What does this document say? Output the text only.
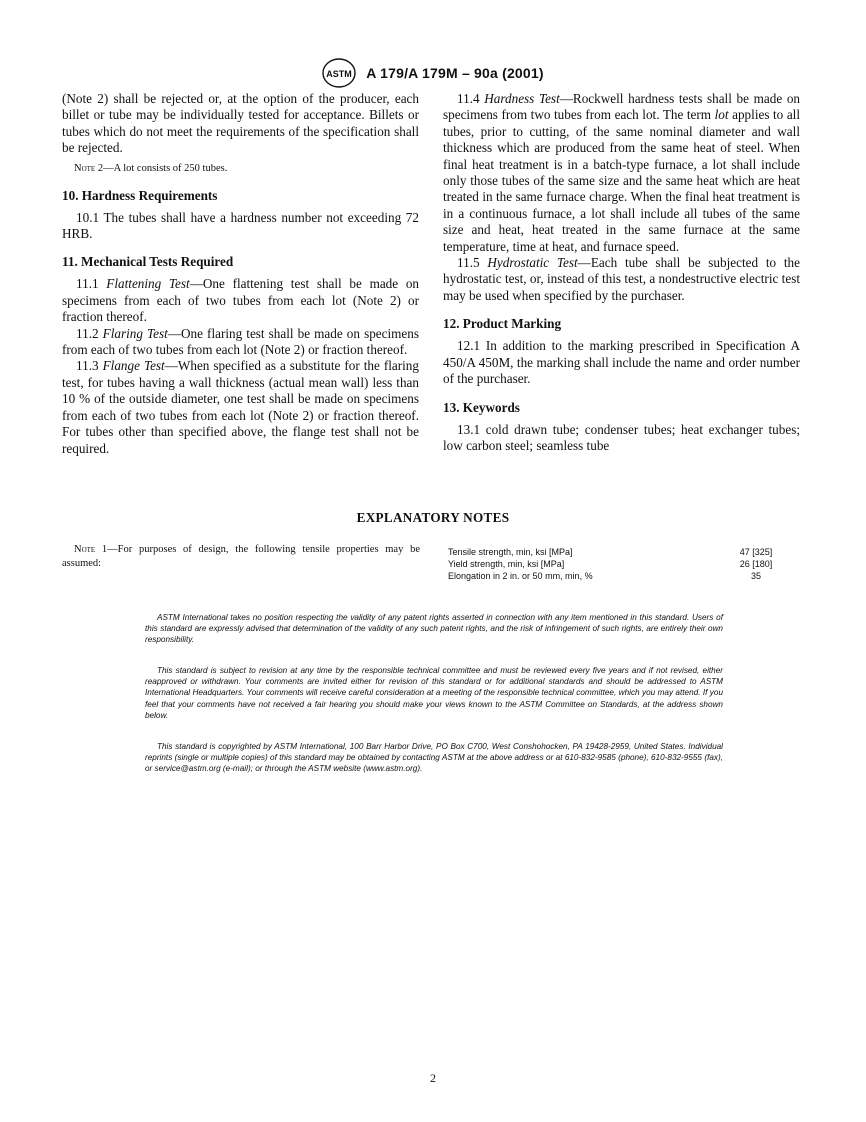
ASTM A 179/A 179M – 90a (2001)

(Note 2) shall be rejected or, at the option of the producer, each billet or tube may be individually tested for acceptance. Billets or tubes which do not meet the requirements of the specification shall be rejected.

Note 2—A lot consists of 250 tubes.

10. Hardness Requirements

10.1 The tubes shall have a hardness number not exceeding 72 HRB.

11. Mechanical Tests Required

11.1 Flattening Test—One flattening test shall be made on specimens from each of two tubes from each lot (Note 2) or fraction thereof.

11.2 Flaring Test—One flaring test shall be made on specimens from each of two tubes from each lot (Note 2) or fraction thereof.

11.3 Flange Test—When specified as a substitute for the flaring test, for tubes having a wall thickness (actual mean wall) less than 10 % of the outside diameter, one test shall be made on specimens from each of two tubes from each lot (Note 2) or fraction thereof. For tubes other than specified above, the flange test shall not be required.

11.4 Hardness Test—Rockwell hardness tests shall be made on specimens from two tubes from each lot. The term lot applies to all tubes, prior to cutting, of the same nominal diameter and wall thickness which are produced from the same heat of steel. When final heat treatment is in a batch-type furnace, a lot shall include only those tubes of the same size and the same heat which are heat treated in the same furnace charge. When the final heat treatment is in a continuous furnace, a lot shall include all tubes of the same size and heat, heat treated in the same furnace at the same temperature, time at heat, and furnace speed.

11.5 Hydrostatic Test—Each tube shall be subjected to the hydrostatic test, or, instead of this test, a nondestructive electric test may be used when specified by the purchaser.

12. Product Marking

12.1 In addition to the marking prescribed in Specification A 450/A 450M, the marking shall include the name and order number of the purchaser.

13. Keywords

13.1 cold drawn tube; condenser tubes; heat exchanger tubes; low carbon steel; seamless tube

EXPLANATORY NOTES
Note 1—For purposes of design, the following tensile properties may be assumed:
Tensile strength, min, ksi [MPa]	47 [325]
Yield strength, min, ksi [MPa]	26 [180]
Elongation in 2 in. or 50 mm, min, %	35

ASTM International takes no position respecting the validity of any patent rights asserted in connection with any item mentioned in this standard. Users of this standard are expressly advised that determination of the validity of any such patent rights, and the risk of infringement of such rights, are entirely their own responsibility.

This standard is subject to revision at any time by the responsible technical committee and must be reviewed every five years and if not revised, either reapproved or withdrawn. Your comments are invited either for revision of this standard or for additional standards and should be addressed to ASTM International Headquarters. Your comments will receive careful consideration at a meeting of the responsible technical committee, which you may attend. If you feel that your comments have not received a fair hearing you should make your views known to the ASTM Committee on Standards, at the address shown below.

This standard is copyrighted by ASTM International, 100 Barr Harbor Drive, PO Box C700, West Conshohocken, PA 19428-2959, United States. Individual reprints (single or multiple copies) of this standard may be obtained by contacting ASTM at the above address or at 610-832-9585 (phone), 610-832-9555 (fax), or service@astm.org (e-mail); or through the ASTM website (www.astm.org).

2
